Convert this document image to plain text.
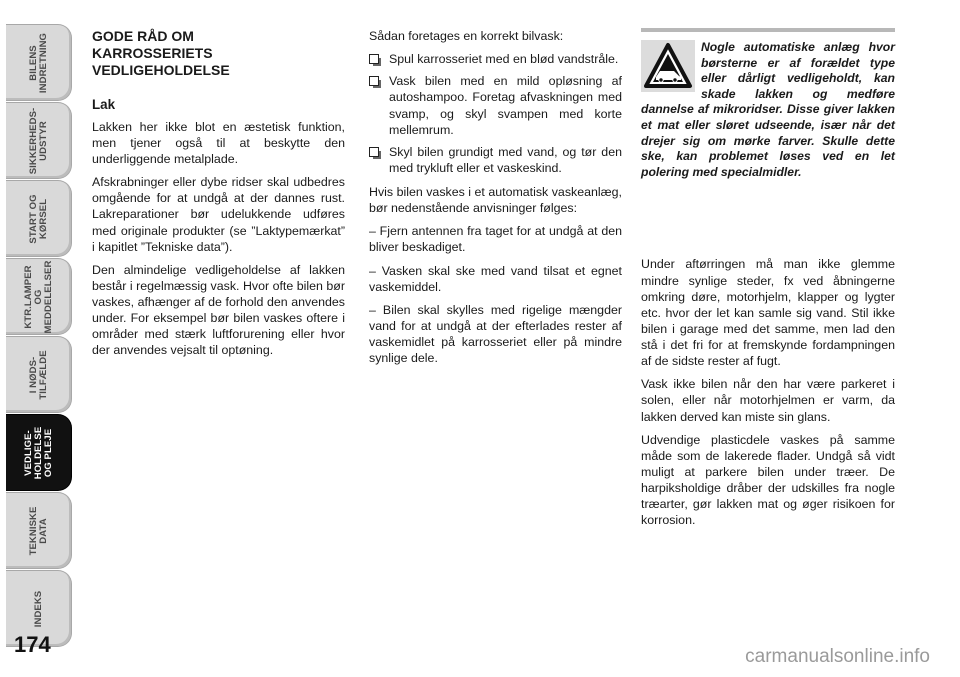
BILENS
INDRETNING
SIKKERHEDS-
UDSTYR
START OG
KØRSEL
KTR.LAMPER
OG
MEDDELELSER
I NØDS-
TILFÆLDE
VEDLIGE-
HOLDELSE
OG PLEJE
TEKNISKE
DATA
INDEKS
174
GODE RÅD OM
KARROSSERIETS
VEDLIGEHOLDELSE
Lak

Lakken her ikke blot en æstetisk funktion, men tjener også til at beskytte den underliggende metalplade.

Afskrabninger eller dybe ridser skal udbedres omgående for at undgå at der dannes rust. Lakreparationer bør udelukkende udføres med originale produkter (se ”Laktypemærkat” i kapitlet ”Tekniske data”).

Den almindelige vedligeholdelse af lakken består i regelmæssig vask. Hvor ofte bilen bør vaskes, afhænger af de forhold den anvendes under. For eksempel bør bilen vaskes oftere i områder med stærk luftforurening eller hvor der anvendes vejsalt til optøning.

Sådan foretages en korrekt bilvask:

Spul karrosseriet med en blød vandstråle.
Vask bilen med en mild opløsning af autoshampoo. Foretag afvaskningen med svamp, og skyl svampen med korte mellemrum.
Skyl bilen grundigt med vand, og tør den med trykluft eller et vaskeskind.

Hvis bilen vaskes i et automatisk vaskeanlæg, bør nedenstående anvisninger følges:

– Fjern antennen fra taget for at undgå at den bliver beskadiget.

– Vasken skal ske med vand tilsat et egnet vaskemiddel.

– Bilen skal skylles med rigelige mængder vand for at undgå at der efterlades rester af vaskemidlet på karrosseriet eller på mindre synlige dele.

Nogle automatiske anlæg hvor børsterne er af forældet type eller dårligt vedligeholdt, kan skade lakken og medføre dannelse af mikroridser. Disse giver lakken et mat eller sløret udseende, især når det drejer sig om mørke farver. Skulle dette ske, kan problemet løses ved en let polering med specialmidler.

Under aftørringen må man ikke glemme mindre synlige steder, fx ved åbningerne omkring døre, motorhjelm, klapper og lygter etc. hvor der let kan samle sig vand. Stil ikke bilen i garage med det samme, men lad den stå i det fri for at fremskynde fordampningen af de sidste rester af fugt.

Vask ikke bilen når den har være parkeret i solen, eller når motorhjelmen er varm, da lakken derved kan miste sin glans.

Udvendige plasticdele vaskes på samme måde som de lakerede flader. Undgå så vidt muligt at parkere bilen under træer. De harpiksholdige dråber der udskilles fra nogle træarter, gør lakken mat og øger risikoen for korrosion.

carmanualsonline.info
